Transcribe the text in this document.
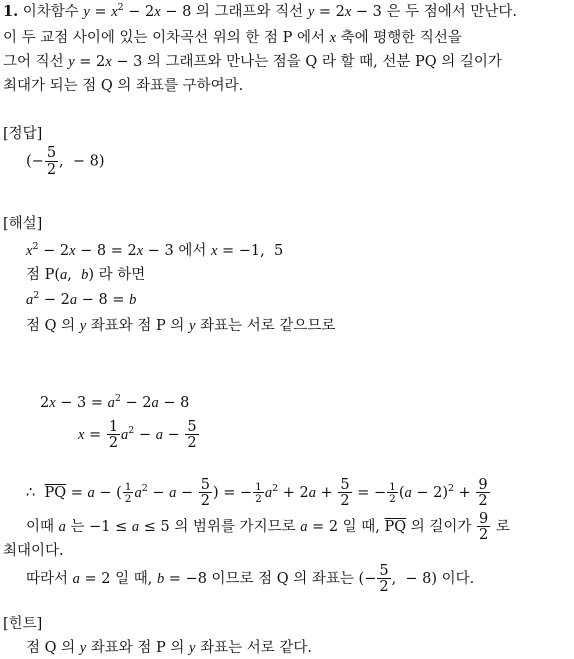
1. 이차함수 $y = x^2 - 2x - 8$ 의 그래프와 직선 y = 2x − 3 은 두 점에서 만난다.
이 두 교점 사이에 있는 이차곡선 위의 한 점 P 에서 x 축에 평행한 직선을
그어 직선 y = 2x − 3 의 그래프와 만나는 점을 Q 라 할 때, 선분 PQ 의 길이가
최대가 되는 점 Q 의 좌표를 구하여라.
[정답]
(− $\frac{5}{2}$ ,  − 8)
[해설]
$x^2 - 2x - 8 = 2x - 3$ 에서 x = −1,  5
점 P(a,  b) 라 하면
$a^2 - 2a - 8 = b$
점 Q 의 y 좌표와 점 P 의 y 좌표는 서로 같으므로
$2x - 3 = a^2 - 2a - 8$
$x = \frac{1}{2} a^2 - a - \frac{5}{2}$
∴  $\overline{PQ} = a$ − ( $\frac{1}{2} a^2 - a - \frac{5}{2}$ ) = − $\frac{1}{2} a^2 + 2a + \frac{5}{2}$ = − $\frac{1}{2} (a - 2)^2 + \frac{9}{2}$
이때 a 는 −1 ≤ a ≤ 5 의 범위를 가지므로 a = 2 일 때, $\overline{PQ}$ 의 길이가 $\frac{9}{2}$ 로
최대이다.
따라서 a = 2 일 때, b = −8 이므로 점 Q 의 좌표는 (− $\frac{5}{2}$ ,  − 8) 이다.
[힌트]
점 Q 의 y 좌표와 점 P 의 y 좌표는 서로 같다.
